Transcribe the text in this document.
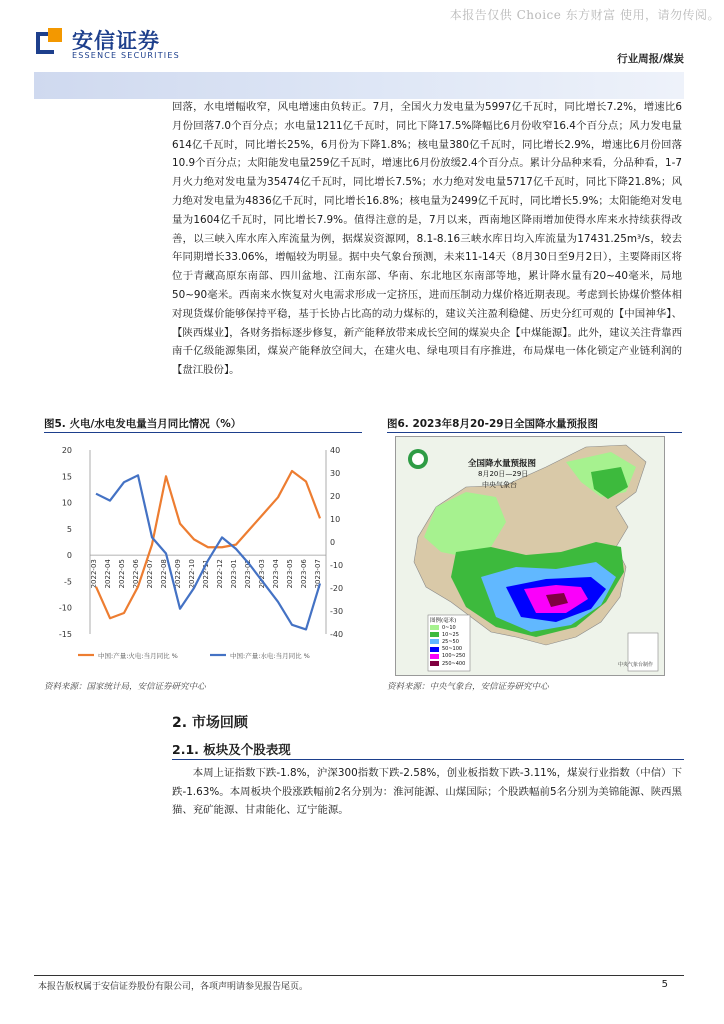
本报告仅供 Choice 东方财富 使用，请勿传阅。
安信证券
ESSENCE SECURITIES	行业周报/煤炭

回落，水电增幅收窄，风电增速由负转正。7月，全国火力发电量为5997亿千瓦时，同比增长7.2%，增速比6月份回落7.0个百分点；水电量1211亿千瓦时，同比下降17.5%降幅比6月份收窄16.4个百分点；风力发电量614亿千瓦时，同比增长25%，6月份为下降1.8%；核电量380亿千瓦时，同比增长2.9%，增速比6月份回落10.9个百分点；太阳能发电量259亿千瓦时，增速比6月份放缓2.4个百分点。累计分品种来看，分品种看，1-7月火力绝对发电量为35474亿千瓦时，同比增长7.5%；水力绝对发电量5717亿千瓦时，同比下降21.8%；风力绝对发电量为4836亿千瓦时，同比增长16.8%；核电量为2499亿千瓦时，同比增长5.9%；太阳能绝对发电量为1604亿千瓦时，同比增长7.9%。值得注意的是，7月以来，西南地区降雨增加使得水库来水持续获得改善，以三峡入库水库入库流量为例，据煤炭资源网，8.1-8.16三峡水库日均入库流量为17431.25m³/s，较去年同期增长33.06%，增幅较为明显。据中央气象台预测，未来11-14天（8月30日至9月2日），主要降雨区将位于青藏高原东南部、四川盆地、江南东部、华南、东北地区东南部等地，累计降水量有20~40毫米，局地50~90毫米。西南来水恢复对火电需求形成一定挤压，进而压制动力煤价格近期表现。考虑到长协煤价整体相对现货煤价能够保持平稳，基于长协占比高的动力煤标的，建议关注盈利稳健、历史分红可观的【中国神华】、【陕西煤业】，各财务指标逐步修复，新产能释放带来成长空间的煤炭央企【中煤能源】。此外，建议关注背靠西南千亿级能源集团，煤炭产能释放空间大，在建火电、绿电项目有序推进，布局煤电一体化锁定产业链利润的【盘江股份】。

图5. 火电/水电发电量当月同比情况（%）
-15
-10
-5
0
5
10
15
20
-40
-30
-20
-10
0
10
20
30
40
2022-03 2022-04 2022-05 2022-06 2022-07 2022-08 2022-09 2022-10 2022-11 2022-12 2023-01 2023-02 2023-03 2023-04 2023-05 2023-06 2023-07
中国:产量:火电:当月同比 %	中国:产量:水电:当月同比 %
资料来源：国家统计局，安信证券研究中心
图6. 2023年8月20-29日全国降水量预报图
全国降水量预报图
8月20日—29日
中央气象台
图例(毫米)
0~10
10~25
25~50
50~100
100~250
250~400	中央气象台制作
资料来源：中央气象台，安信证券研究中心
2. 市场回顾
2.1. 板块及个股表现

本周上证指数下跌-1.8%，沪深300指数下跌-2.58%，创业板指数下跌-3.11%，煤炭行业指数（中信）下跌-1.63%。本周板块个股涨跌幅前2名分别为：淮河能源、山煤国际；个股跌幅前5名分别为美锦能源、陕西黑猫、兖矿能源、甘肃能化、辽宁能源。

本报告版权属于安信证券股份有限公司，各项声明请参见报告尾页。	5
